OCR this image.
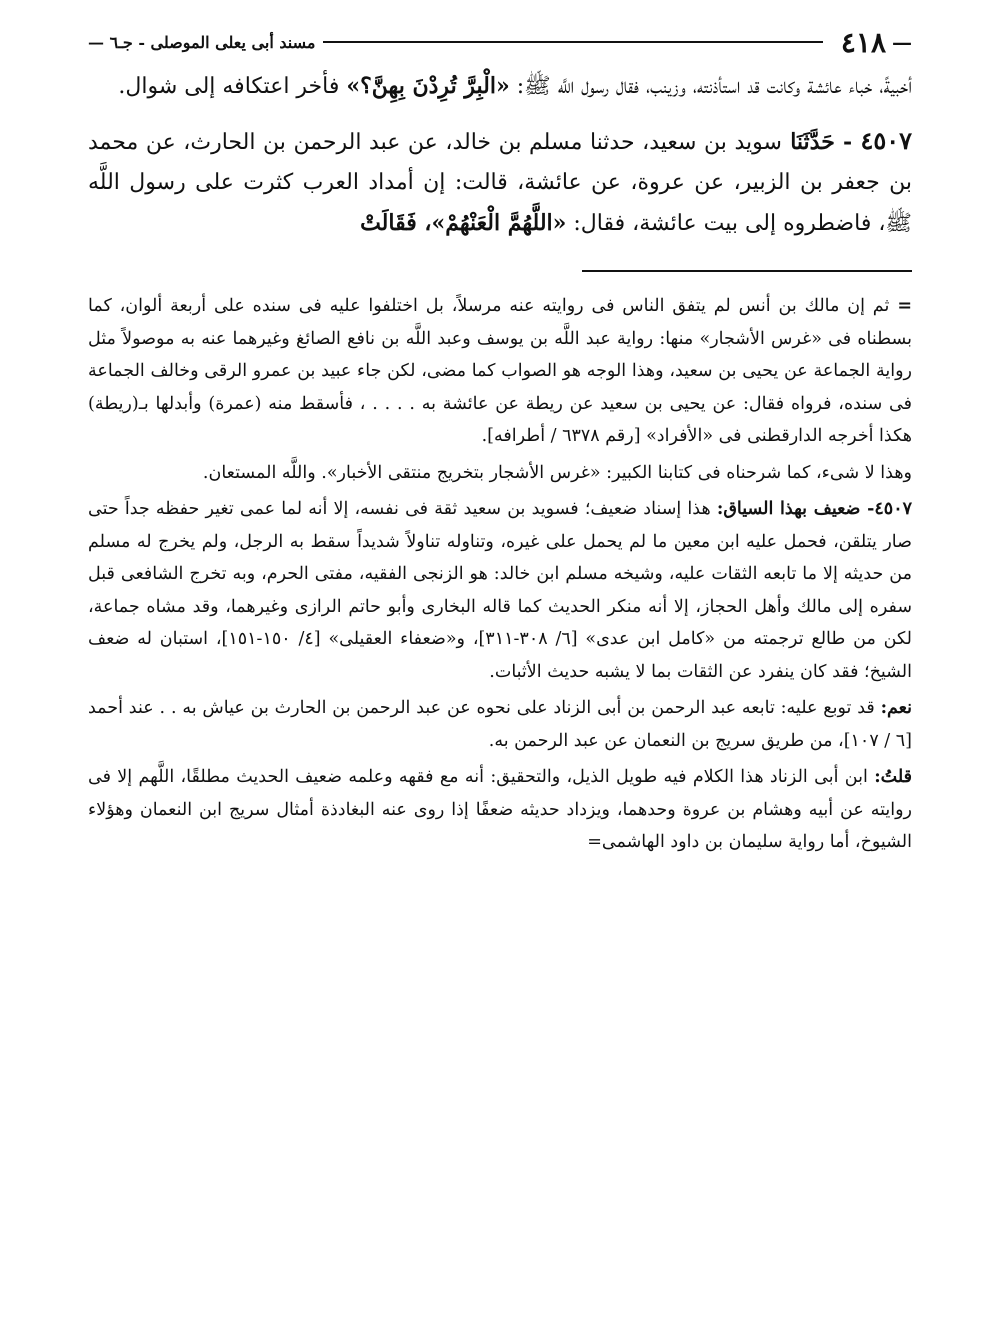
—
٤١٨
مسند أبى يعلى الموصلى - جـ٦ —

أخبيةً، خباء عائشة وكانت قد استأذنته، وزينب، فقال رسول اللَّه ﷺ: «الْبِرَّ تُرِدْنَ بِهِنَّ؟» فأخر اعتكافه إلى شوال.

٤٥٠٧ - حَدَّثَنَا سويد بن سعيد، حدثنا مسلم بن خالد، عن عبد الرحمن بن الحارث، عن محمد بن جعفر بن الزبير، عن عروة، عن عائشة، قالت: إن أمداد العرب كثرت على رسول اللَّه ﷺ، فاضطروه إلى بيت عائشة، فقال: «اللَّهُمَّ الْعَنْهُمْ»، فَقَالَتْ

=ثم إن مالك بن أنس لم يتفق الناس فى روايته عنه مرسلاً، بل اختلفوا عليه فى سنده على أربعة ألوان، كما بسطناه فى «غرس الأشجار» منها: رواية عبد اللَّه بن يوسف وعبد اللَّه بن نافع الصائغ وغيرهما عنه به موصولاً مثل رواية الجماعة عن يحيى بن سعيد، وهذا الوجه هو الصواب كما مضى، لكن جاء عبيد بن عمرو الرقى وخالف الجماعة فى سنده، فرواه فقال: عن يحيى بن سعيد عن ريطة عن عائشة به . . . . ، فأسقط منه (عمرة) وأبدلها بـ(ريطة) هكذا أخرجه الدارقطنى فى «الأفراد» [رقم ٦٣٧٨ / أطرافه].

وهذا لا شىء، كما شرحناه فى كتابنا الكبير: «غرس الأشجار بتخريج منتقى الأخبار». واللَّه المستعان.

٤٥٠٧- ضعيف بهذا السياق: هذا إسناد ضعيف؛ فسويد بن سعيد ثقة فى نفسه، إلا أنه لما عمى تغير حفظه جداً حتى صار يتلقن، فحمل عليه ابن معين ما لم يحمل على غيره، وتناوله تناولاً شديداً سقط به الرجل، ولم يخرج له مسلم من حديثه إلا ما تابعه الثقات عليه، وشيخه مسلم ابن خالد: هو الزنجى الفقيه، مفتى الحرم، وبه تخرج الشافعى قبل سفره إلى مالك وأهل الحجاز، إلا أنه منكر الحديث كما قاله البخارى وأبو حاتم الرازى وغيرهما، وقد مشاه جماعة، لكن من طالع ترجمته من «كامل ابن عدى» [٦/ ٣٠٨-٣١١]، و«ضعفاء العقيلى» [٤/ ١٥٠-١٥١]، استبان له ضعف الشيخ؛ فقد كان ينفرد عن الثقات بما لا يشبه حديث الأثبات.

نعم: قد توبع عليه: تابعه عبد الرحمن بن أبى الزناد على نحوه عن عبد الرحمن بن الحارث بن عياش به . . عند أحمد [٦ / ١٠٧]، من طريق سريج بن النعمان عن عبد الرحمن به.

قلتُ: ابن أبى الزناد هذا الكلام فيه طويل الذيل، والتحقيق: أنه مع فقهه وعلمه ضعيف الحديث مطلقًا، اللَّهم إلا فى روايته عن أبيه وهشام بن عروة وحدهما، ويزداد حديثه ضعفًا إذا روى عنه البغادذة أمثال سريج ابن النعمان وهؤلاء الشيوخ، أما رواية سليمان بن داود الهاشمى=
